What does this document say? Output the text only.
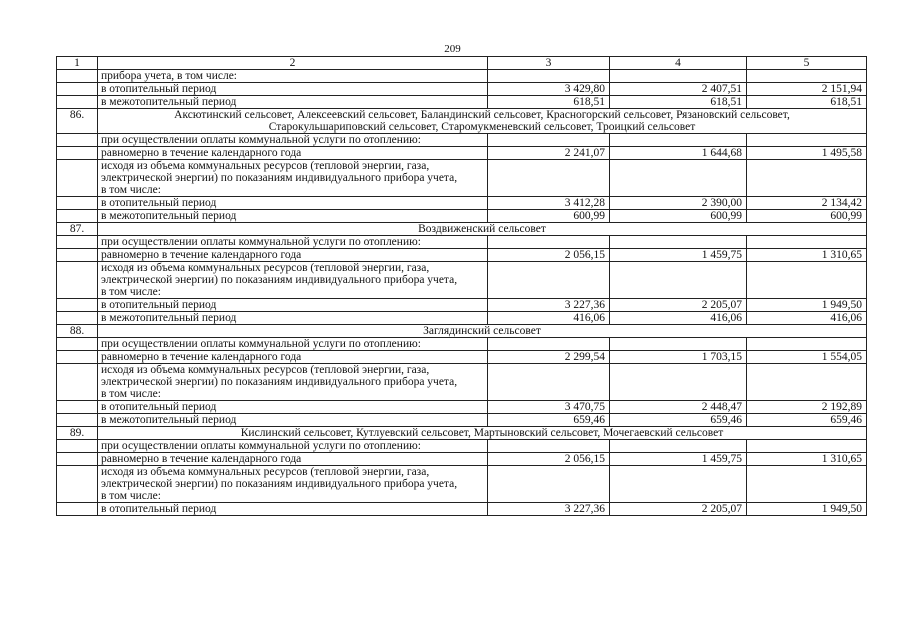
209
1	2	3	4	5
	прибора учета, в том числе:			
	в отопительный период	3 429,80	2 407,51	2 151,94
	в межотопительный период	618,51	618,51	618,51
86.	Аксютинский сельсовет, Алексеевский сельсовет, Баландинский сельсовет, Красногорский сельсовет, Рязановский сельсовет, Старокульшариповский сельсовет, Старомукменевский сельсовет, Троицкий сельсовет			
	при осуществлении оплаты коммунальной услуги по отоплению:			
	равномерно в течение календарного года	2 241,07	1 644,68	1 495,58

	исходя из объема коммунальных ресурсов (тепловой энергии, газа, электрической энергии) по показаниям индивидуального прибора учета, в том числе:			

	в отопительный период	3 412,28	2 390,00	2 134,42
	в межотопительный период	600,99	600,99	600,99
87.	Воздвиженский сельсовет			
	при осуществлении оплаты коммунальной услуги по отоплению:			
	равномерно в течение календарного года	2 056,15	1 459,75	1 310,65

	исходя из объема коммунальных ресурсов (тепловой энергии, газа, электрической энергии) по показаниям индивидуального прибора учета, в том числе:			

	в отопительный период	3 227,36	2 205,07	1 949,50
	в межотопительный период	416,06	416,06	416,06
88.	Заглядинский сельсовет			
	при осуществлении оплаты коммунальной услуги по отоплению:			
	равномерно в течение календарного года	2 299,54	1 703,15	1 554,05

	исходя из объема коммунальных ресурсов (тепловой энергии, газа, электрической энергии) по показаниям индивидуального прибора учета, в том числе:			

	в отопительный период	3 470,75	2 448,47	2 192,89
	в межотопительный период	659,46	659,46	659,46
89.	Кислинский сельсовет, Кутлуевский сельсовет, Мартыновский сельсовет, Мочегаевский сельсовет			
	при осуществлении оплаты коммунальной услуги по отоплению:			
	равномерно в течение календарного года	2 056,15	1 459,75	1 310,65

	исходя из объема коммунальных ресурсов (тепловой энергии, газа, электрической энергии) по показаниям индивидуального прибора учета, в том числе:			

	в отопительный период	3 227,36	2 205,07	1 949,50
